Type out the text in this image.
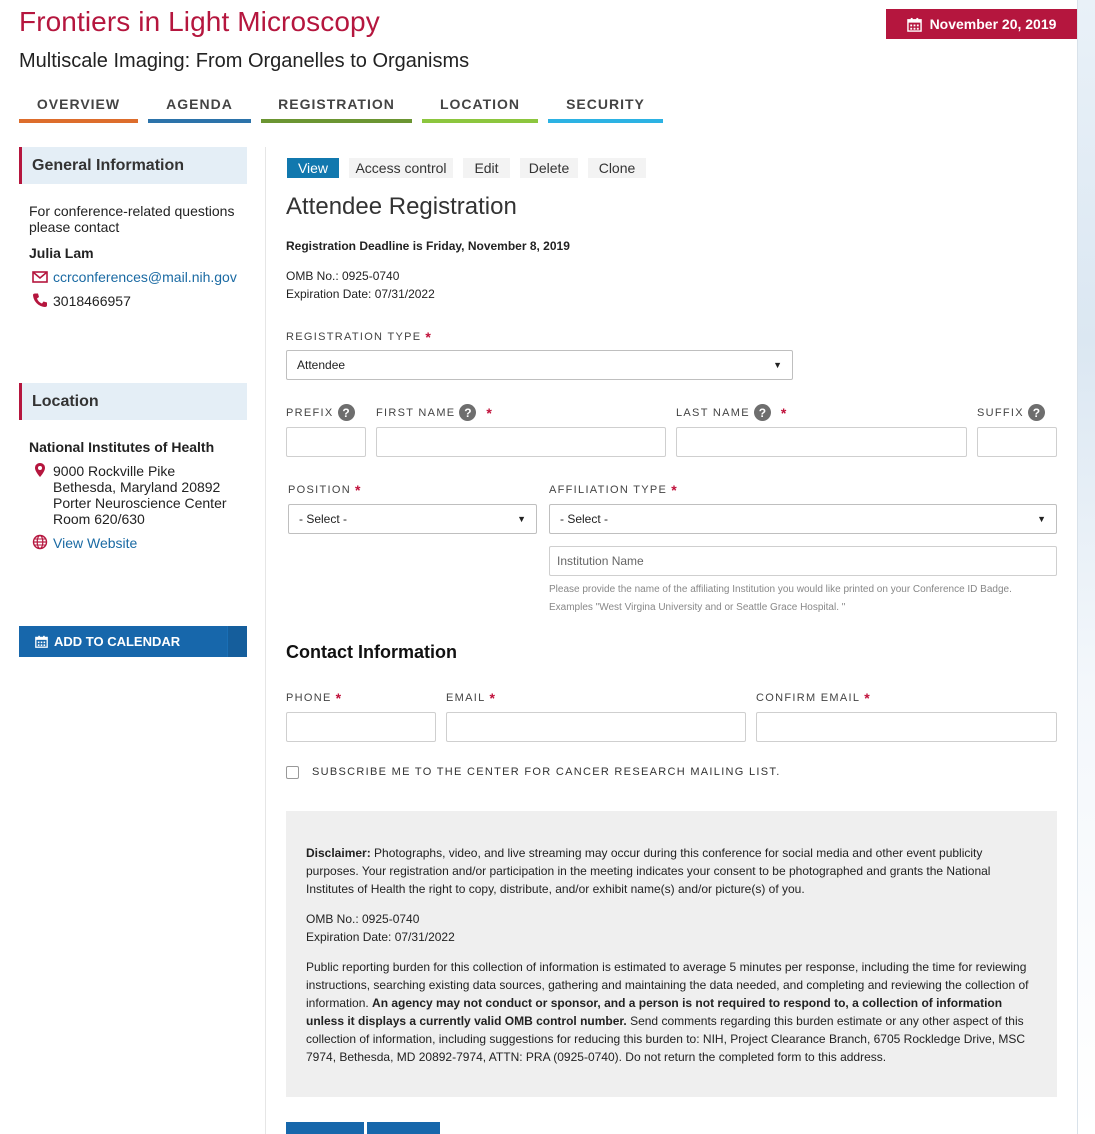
Frontiers in Light Microscopy
Multiscale Imaging: From Organelles to Organisms
November 20, 2019
OVERVIEW	AGENDA	REGISTRATION	LOCATION	SECURITY
General Information
For conference-related questions
please contact
Julia Lam
ccrconferences@mail.nih.gov
3018466957
Location
National Institutes of Health
9000 Rockville Pike
Bethesda, Maryland 20892
Porter Neuroscience Center
Room 620/630
View Website
ADD TO CALENDAR
View	Access control	Edit	Delete	Clone
Attendee Registration
Registration Deadline is Friday, November 8, 2019
OMB No.: 0925-0740
Expiration Date: 07/31/2022
REGISTRATION TYPE *
Attendee	▼
PREFIX ?	FIRST NAME ?	*	LAST NAME ?	*	SUFFIX ?
POSITION *	AFFILIATION TYPE *
- Select -	▼	- Select -	▼
Institution Name
Please provide the name of the affiliating Institution you would like printed on your Conference ID Badge.
Examples "West Virgina University and or Seattle Grace Hospital. "
Contact Information
PHONE *	EMAIL *	CONFIRM EMAIL *
SUBSCRIBE ME TO THE CENTER FOR CANCER RESEARCH MAILING LIST.

Disclaimer: Photographs, video, and live streaming may occur during this conference for social media and other event publicity purposes. Your registration and/or participation in the meeting indicates your consent to be photographed and grants the National Institutes of Health the right to copy, distribute, and/or exhibit name(s) and/or picture(s) of you.

OMB No.: 0925-0740
Expiration Date: 07/31/2022

Public reporting burden for this collection of information is estimated to average 5 minutes per response, including the time for reviewing instructions, searching existing data sources, gathering and maintaining the data needed, and completing and reviewing the collection of information. An agency may not conduct or sponsor, and a person is not required to respond to, a collection of information unless it displays a currently valid OMB control number. Send comments regarding this burden estimate or any other aspect of this collection of information, including suggestions for reducing this burden to: NIH, Project Clearance Branch, 6705 Rockledge Drive, MSC 7974, Bethesda, MD 20892-7974, ATTN: PRA (0925-0740). Do not return the completed form to this address.
